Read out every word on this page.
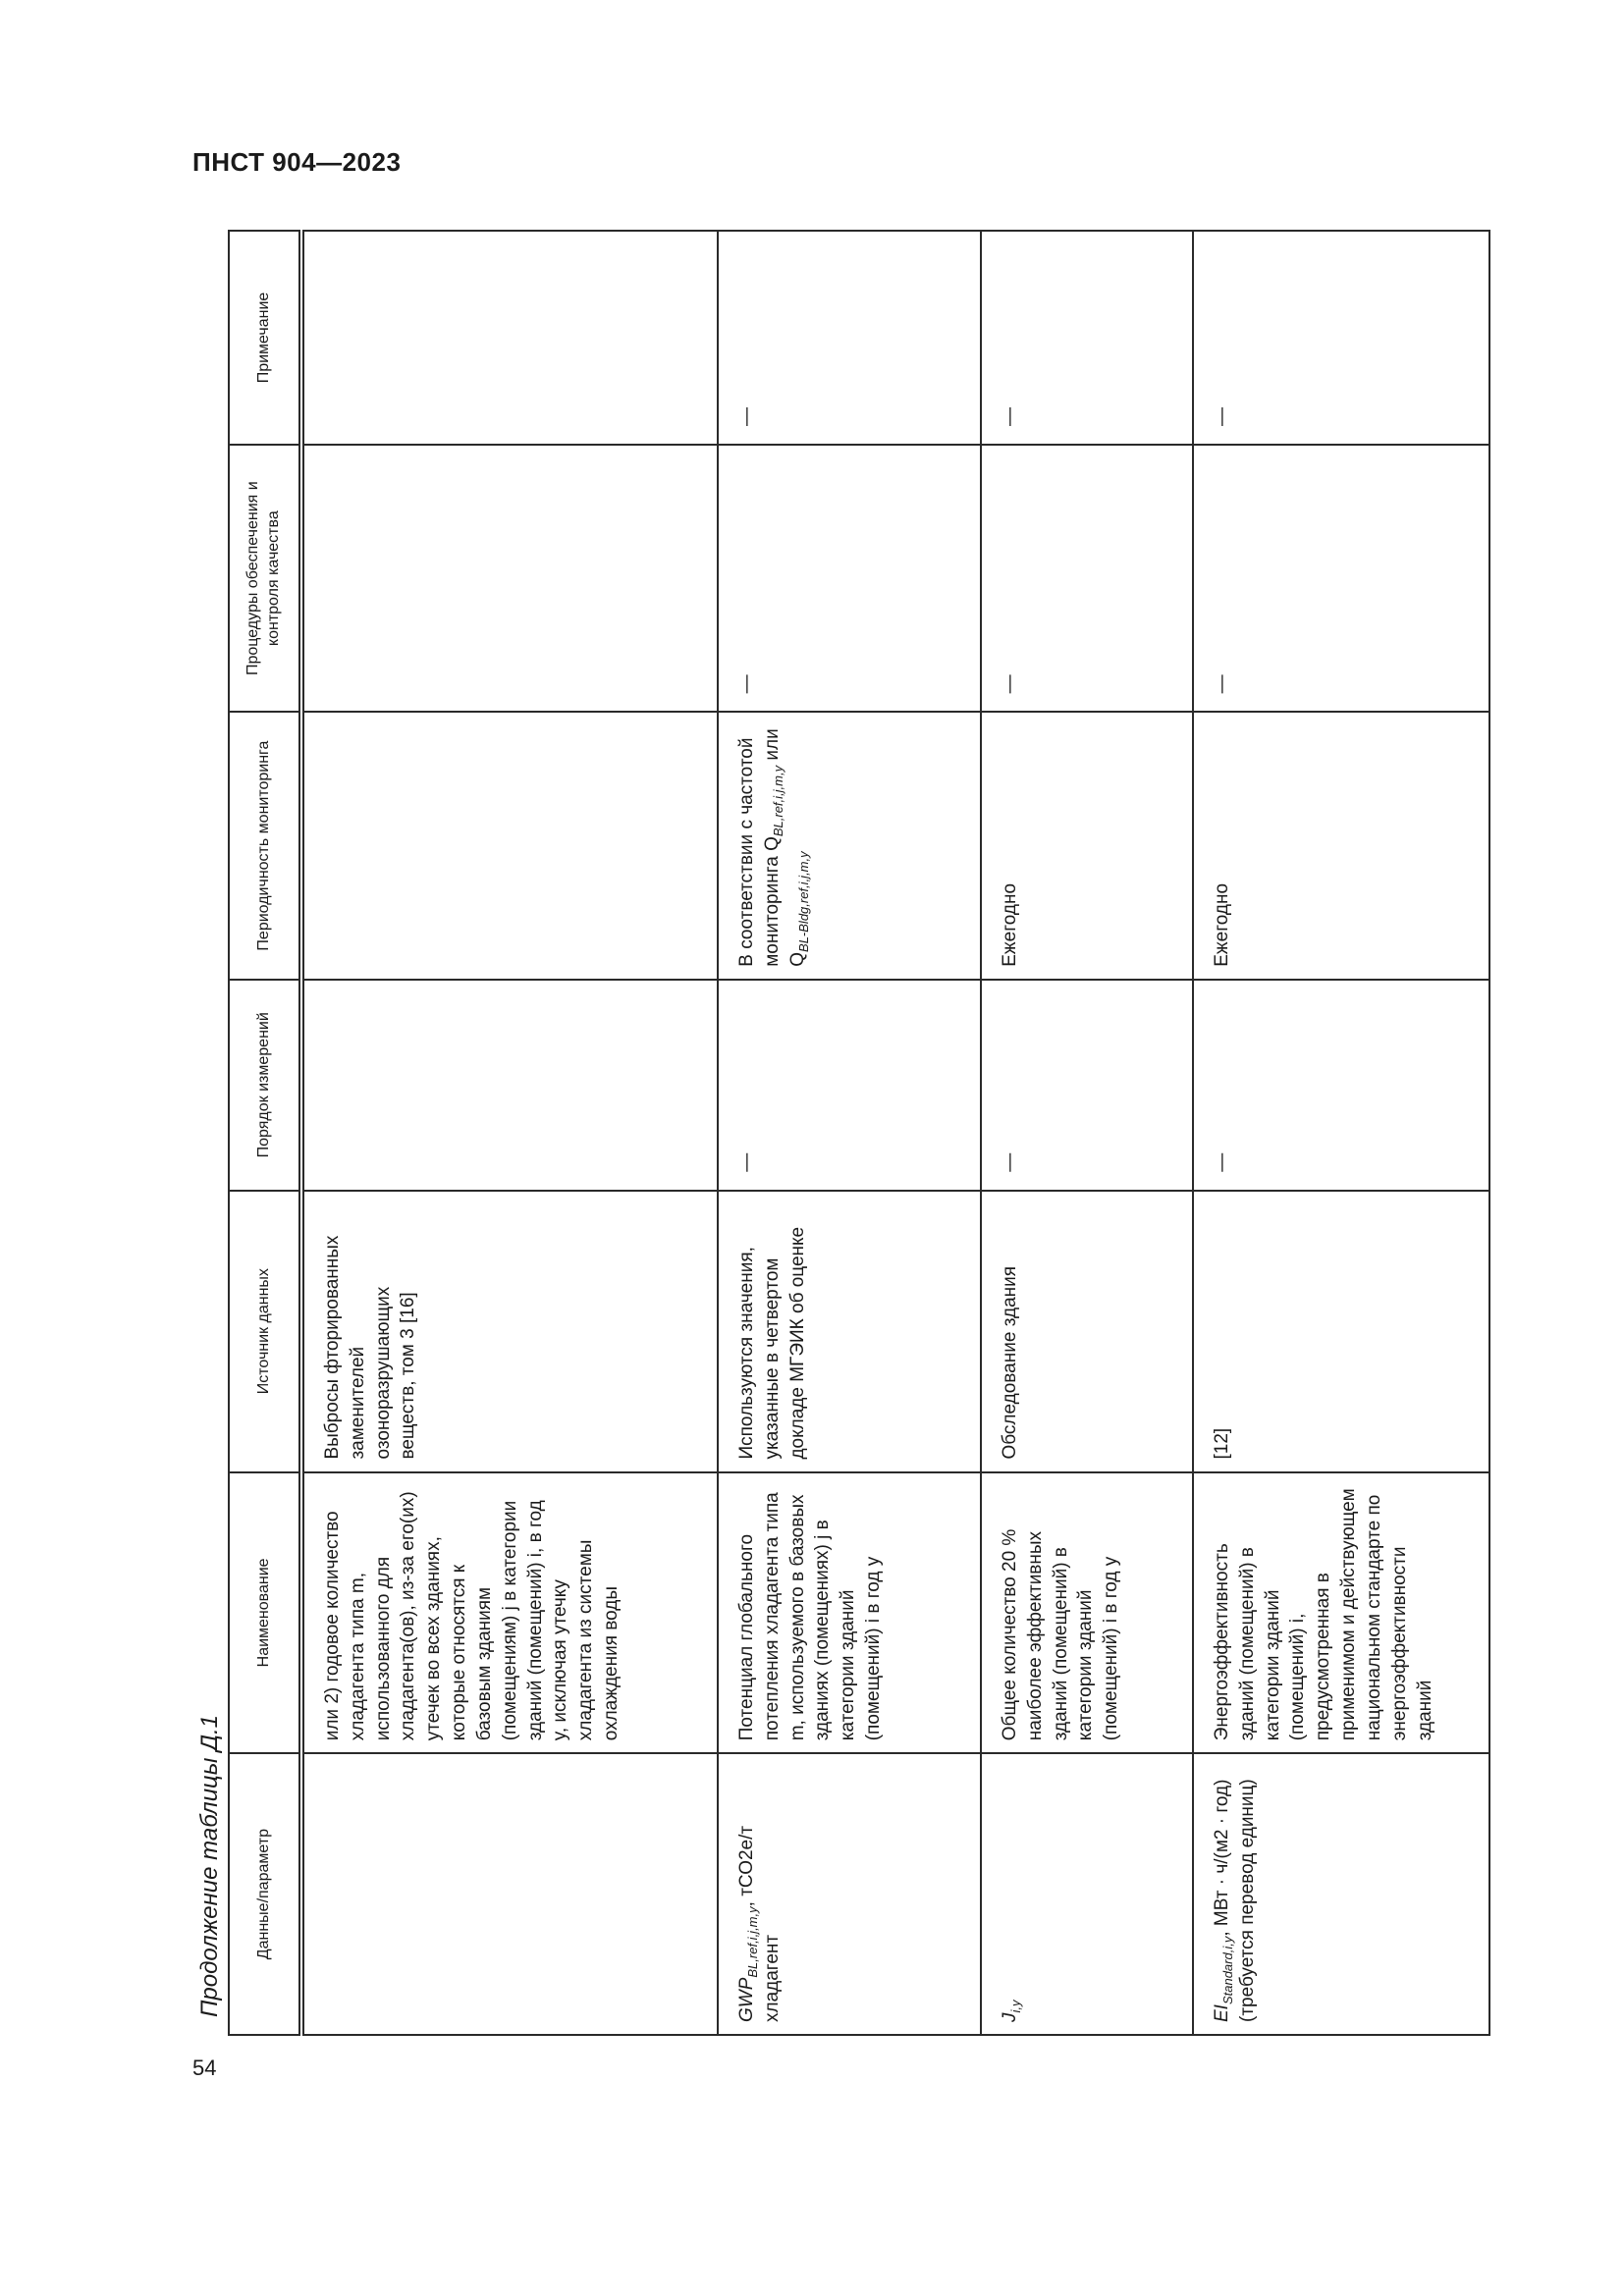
ПНСТ 904—2023
Продолжение таблицы Д.1
54
Данные/параметр	Наименование	Источник данных	Порядок измерений	Периодичность мониторинга	Процедуры обеспечения и контроля качества	Примечание
	или 2) годовое количество хладагента типа m, использованного для хладагента(ов), из-за его(их) утечек во всех зданиях, которые относятся к базовым зданиям (помещениям) j в категории зданий (помещений) i, в год y, исключая утечку хладагента из системы охлаждения воды	Выбросы фторированных заменителей озоноразрушающих веществ, том 3 [16]				
$GWP_{BL,ref,i,j,m,y}$, тСО2е/т хладагент	Потенциал глобального потепления хладагента типа m, используемого в базовых зданиях (помещениях) j в категории зданий (помещений) i в год y	Используются значения, указанные в четвертом докладе МГЭИК об оценке	—	В соответствии с частотой мониторинга $Q_{BL,ref,i,j,m,y}$ или $Q_{BL-Bldg,ref,i,j,m,y}$	—	—

$J_{i,y}$	Общее количество 20 % наиболее эффективных зданий (помещений) в категории зданий (помещений) i в год y	Обследование здания	—	Ежегодно	—	—

$EI_{Standard,i,y}$, МВт · ч/(м2 · год) (требуется перевод единиц)	Энергоэффективность зданий (помещений) в категории зданий (помещений) i, предусмотренная в применимом и действующем национальном стандарте по энергоэффективности зданий	[12]	—	Ежегодно	—	—
